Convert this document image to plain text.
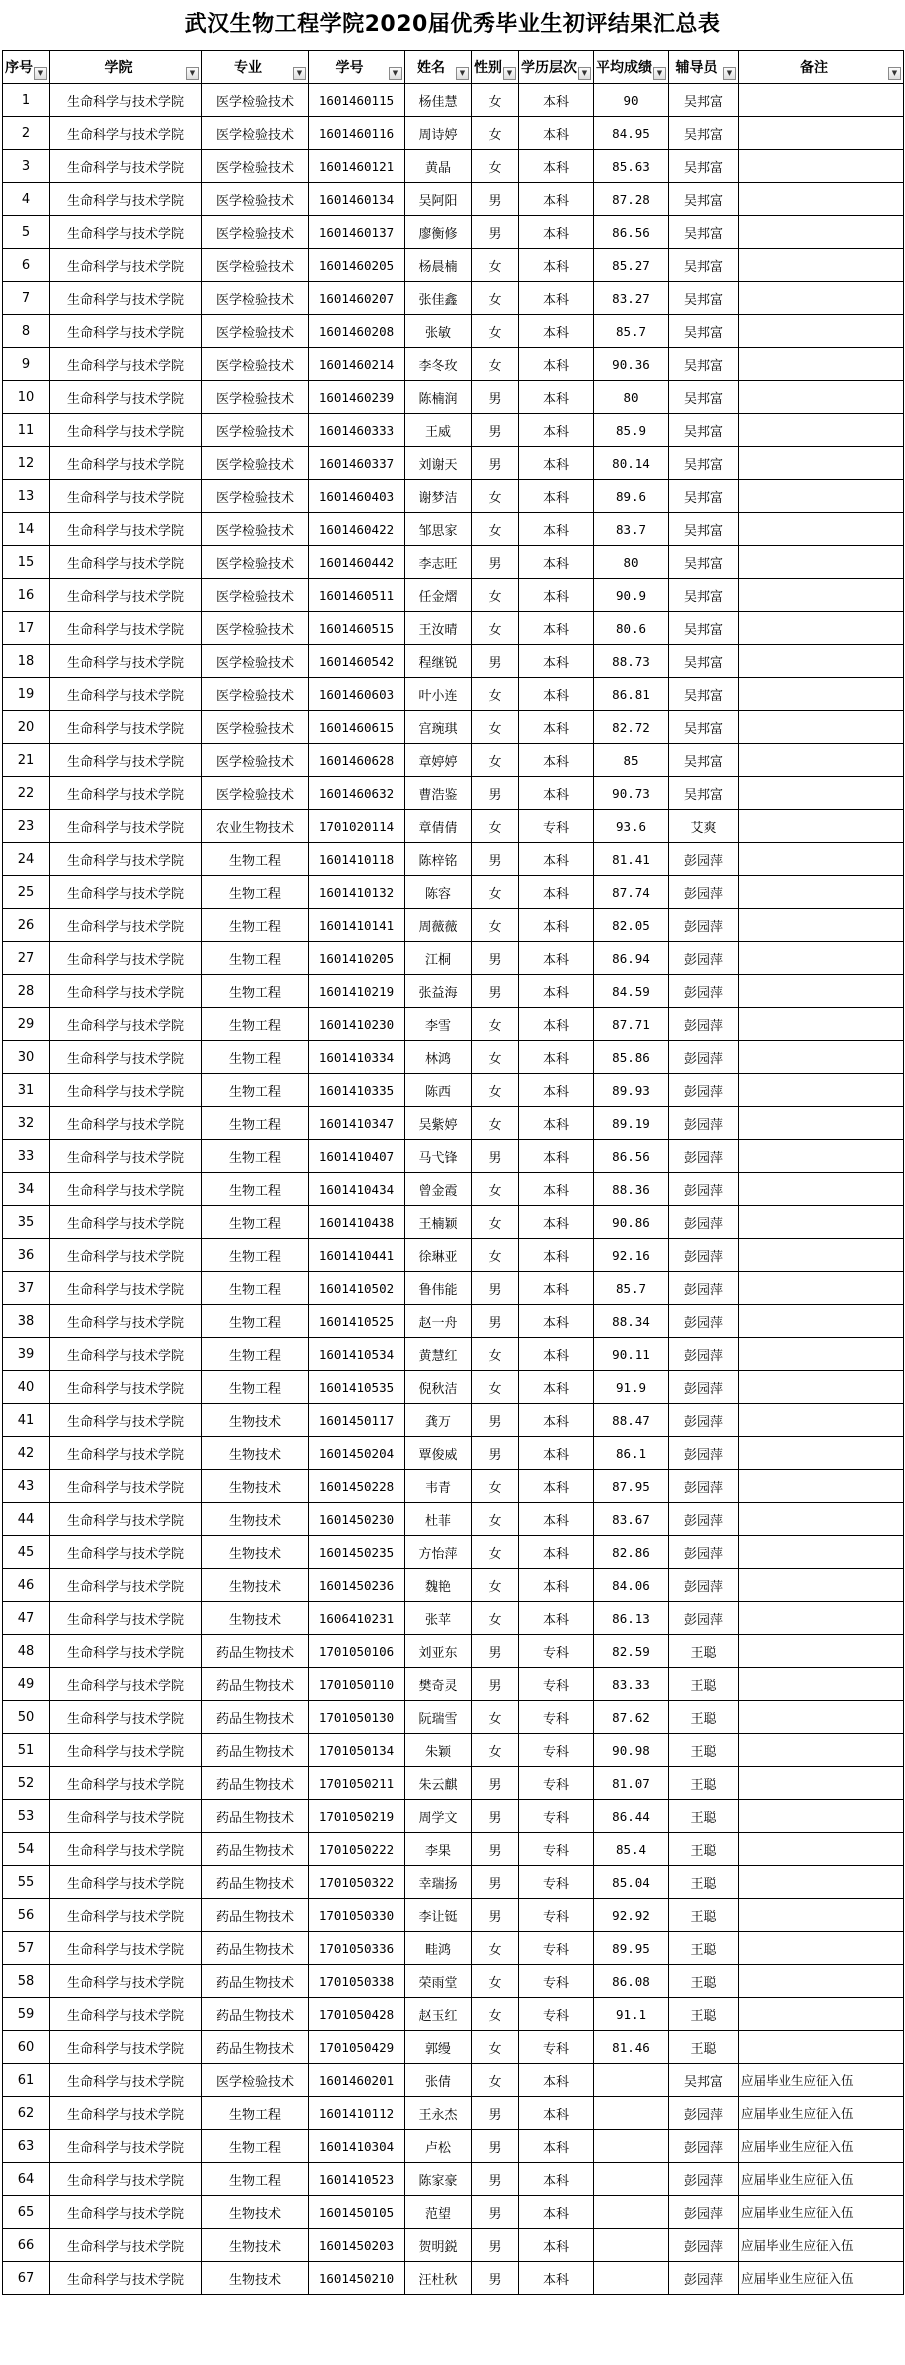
武汉生物工程学院2020届优秀毕业生初评结果汇总表
序号 ▼	学院 ▼	专业 ▼	学号 ▼	姓名 ▼	性别 ▼	学历层次 ▼	平均成绩 ▼	辅导员 ▼	备注 ▼

1	生命科学与技术学院	医学检验技术	1601460115	杨佳慧	女	本科	90	吴邦富	
2	生命科学与技术学院	医学检验技术	1601460116	周诗婷	女	本科	84.95	吴邦富	
3	生命科学与技术学院	医学检验技术	1601460121	黄晶	女	本科	85.63	吴邦富	
4	生命科学与技术学院	医学检验技术	1601460134	吴阿阳	男	本科	87.28	吴邦富	
5	生命科学与技术学院	医学检验技术	1601460137	廖衡修	男	本科	86.56	吴邦富	
6	生命科学与技术学院	医学检验技术	1601460205	杨晨楠	女	本科	85.27	吴邦富	
7	生命科学与技术学院	医学检验技术	1601460207	张佳鑫	女	本科	83.27	吴邦富	
8	生命科学与技术学院	医学检验技术	1601460208	张敏	女	本科	85.7	吴邦富	
9	生命科学与技术学院	医学检验技术	1601460214	李冬玫	女	本科	90.36	吴邦富	
10	生命科学与技术学院	医学检验技术	1601460239	陈楠润	男	本科	80	吴邦富	
11	生命科学与技术学院	医学检验技术	1601460333	王威	男	本科	85.9	吴邦富	
12	生命科学与技术学院	医学检验技术	1601460337	刘谢天	男	本科	80.14	吴邦富	
13	生命科学与技术学院	医学检验技术	1601460403	谢梦洁	女	本科	89.6	吴邦富	
14	生命科学与技术学院	医学检验技术	1601460422	邹思家	女	本科	83.7	吴邦富	
15	生命科学与技术学院	医学检验技术	1601460442	李志旺	男	本科	80	吴邦富	
16	生命科学与技术学院	医学检验技术	1601460511	任金熠	女	本科	90.9	吴邦富	
17	生命科学与技术学院	医学检验技术	1601460515	王汝晴	女	本科	80.6	吴邦富	
18	生命科学与技术学院	医学检验技术	1601460542	程继锐	男	本科	88.73	吴邦富	
19	生命科学与技术学院	医学检验技术	1601460603	叶小连	女	本科	86.81	吴邦富	
20	生命科学与技术学院	医学检验技术	1601460615	宫琬琪	女	本科	82.72	吴邦富	
21	生命科学与技术学院	医学检验技术	1601460628	章婷婷	女	本科	85	吴邦富	
22	生命科学与技术学院	医学检验技术	1601460632	曹浩鉴	男	本科	90.73	吴邦富	
23	生命科学与技术学院	农业生物技术	1701020114	章倩倩	女	专科	93.6	艾爽	
24	生命科学与技术学院	生物工程	1601410118	陈梓铭	男	本科	81.41	彭园萍	
25	生命科学与技术学院	生物工程	1601410132	陈容	女	本科	87.74	彭园萍	
26	生命科学与技术学院	生物工程	1601410141	周薇薇	女	本科	82.05	彭园萍	
27	生命科学与技术学院	生物工程	1601410205	江桐	男	本科	86.94	彭园萍	
28	生命科学与技术学院	生物工程	1601410219	张益海	男	本科	84.59	彭园萍	
29	生命科学与技术学院	生物工程	1601410230	李雪	女	本科	87.71	彭园萍	
30	生命科学与技术学院	生物工程	1601410334	林鸿	女	本科	85.86	彭园萍	
31	生命科学与技术学院	生物工程	1601410335	陈西	女	本科	89.93	彭园萍	
32	生命科学与技术学院	生物工程	1601410347	吴紫婷	女	本科	89.19	彭园萍	
33	生命科学与技术学院	生物工程	1601410407	马弋锋	男	本科	86.56	彭园萍	
34	生命科学与技术学院	生物工程	1601410434	曾金霞	女	本科	88.36	彭园萍	
35	生命科学与技术学院	生物工程	1601410438	王楠颖	女	本科	90.86	彭园萍	
36	生命科学与技术学院	生物工程	1601410441	徐琳亚	女	本科	92.16	彭园萍	
37	生命科学与技术学院	生物工程	1601410502	鲁伟能	男	本科	85.7	彭园萍	
38	生命科学与技术学院	生物工程	1601410525	赵一舟	男	本科	88.34	彭园萍	
39	生命科学与技术学院	生物工程	1601410534	黄慧红	女	本科	90.11	彭园萍	
40	生命科学与技术学院	生物工程	1601410535	倪秋洁	女	本科	91.9	彭园萍	
41	生命科学与技术学院	生物技术	1601450117	龚万	男	本科	88.47	彭园萍	
42	生命科学与技术学院	生物技术	1601450204	覃俊威	男	本科	86.1	彭园萍	
43	生命科学与技术学院	生物技术	1601450228	韦青	女	本科	87.95	彭园萍	
44	生命科学与技术学院	生物技术	1601450230	杜菲	女	本科	83.67	彭园萍	
45	生命科学与技术学院	生物技术	1601450235	方怡萍	女	本科	82.86	彭园萍	
46	生命科学与技术学院	生物技术	1601450236	魏艳	女	本科	84.06	彭园萍	
47	生命科学与技术学院	生物技术	1606410231	张苹	女	本科	86.13	彭园萍	
48	生命科学与技术学院	药品生物技术	1701050106	刘亚东	男	专科	82.59	王聪	
49	生命科学与技术学院	药品生物技术	1701050110	樊奇灵	男	专科	83.33	王聪	
50	生命科学与技术学院	药品生物技术	1701050130	阮瑞雪	女	专科	87.62	王聪	
51	生命科学与技术学院	药品生物技术	1701050134	朱颖	女	专科	90.98	王聪	
52	生命科学与技术学院	药品生物技术	1701050211	朱云麒	男	专科	81.07	王聪	
53	生命科学与技术学院	药品生物技术	1701050219	周学文	男	专科	86.44	王聪	
54	生命科学与技术学院	药品生物技术	1701050222	李果	男	专科	85.4	王聪	
55	生命科学与技术学院	药品生物技术	1701050322	幸瑞扬	男	专科	85.04	王聪	
56	生命科学与技术学院	药品生物技术	1701050330	李让铤	男	专科	92.92	王聪	
57	生命科学与技术学院	药品生物技术	1701050336	畦鸿	女	专科	89.95	王聪	
58	生命科学与技术学院	药品生物技术	1701050338	荣雨堂	女	专科	86.08	王聪	
59	生命科学与技术学院	药品生物技术	1701050428	赵玉红	女	专科	91.1	王聪	
60	生命科学与技术学院	药品生物技术	1701050429	郭缦	女	专科	81.46	王聪	
61	生命科学与技术学院	医学检验技术	1601460201	张倩	女	本科		吴邦富	应届毕业生应征入伍
62	生命科学与技术学院	生物工程	1601410112	王永杰	男	本科		彭园萍	应届毕业生应征入伍
63	生命科学与技术学院	生物工程	1601410304	卢松	男	本科		彭园萍	应届毕业生应征入伍
64	生命科学与技术学院	生物工程	1601410523	陈家豪	男	本科		彭园萍	应届毕业生应征入伍
65	生命科学与技术学院	生物技术	1601450105	范望	男	本科		彭园萍	应届毕业生应征入伍
66	生命科学与技术学院	生物技术	1601450203	贺明鋭	男	本科		彭园萍	应届毕业生应征入伍
67	生命科学与技术学院	生物技术	1601450210	汪杜秋	男	本科		彭园萍	应届毕业生应征入伍
